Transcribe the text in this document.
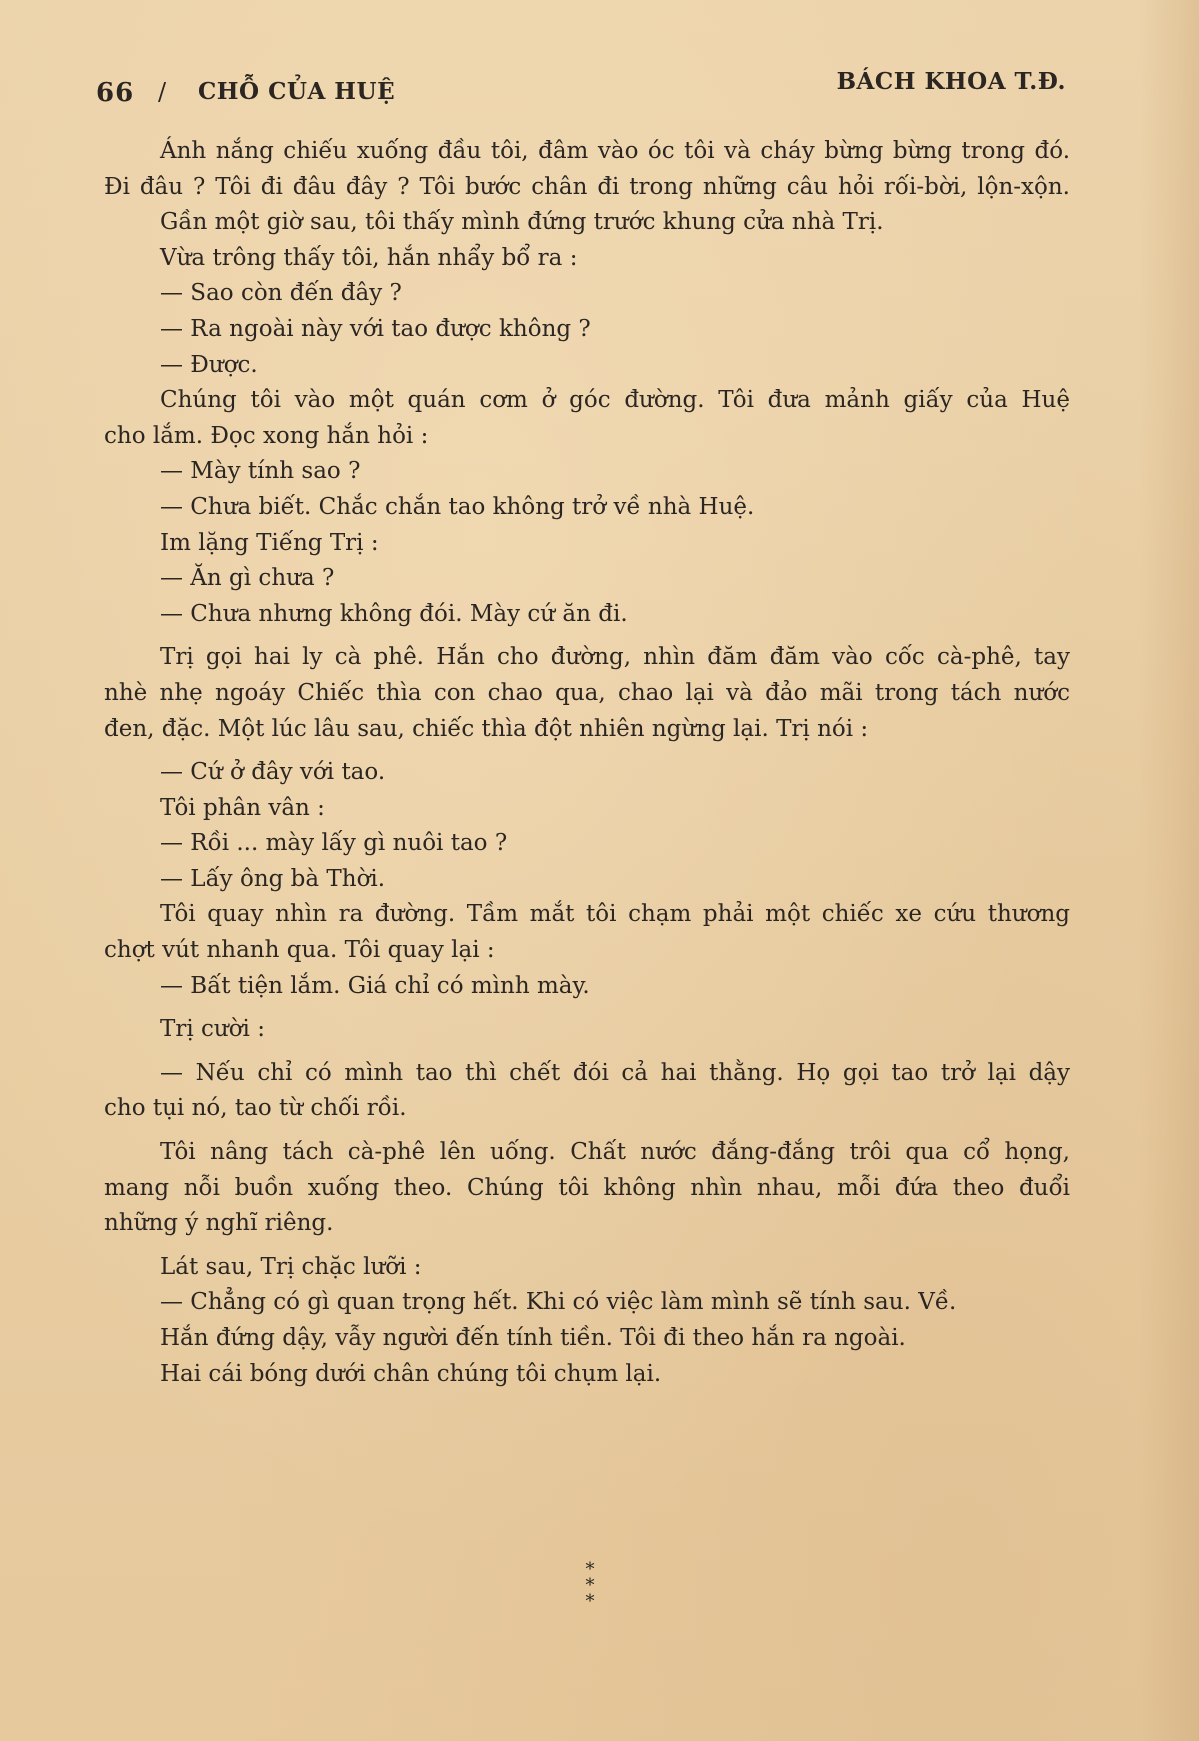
66 / CHỖ CỦA HUỆ	BÁCH KHOA T.Đ.
Ánh nắng chiếu xuống đầu tôi, đâm vào óc tôi và cháy bừng bừng trong đó.
Đi đâu ? Tôi đi đâu đây ? Tôi bước chân đi trong những câu hỏi rối-bời, lộn-xộn.
Gần một giờ sau, tôi thấy mình đứng trước khung cửa nhà Trị.
Vừa trông thấy tôi, hắn nhẩy bổ ra :
— Sao còn đến đây ?
— Ra ngoài này với tao được không ?
— Được.
Chúng tôi vào một quán cơm ở góc đường. Tôi đưa mảnh giấy của Huệ
cho lắm. Đọc xong hắn hỏi :
— Mày tính sao ?
— Chưa biết. Chắc chắn tao không trở về nhà Huệ.
Im lặng Tiếng Trị :
— Ăn gì chưa ?
— Chưa nhưng không đói. Mày cứ ăn đi.
Trị gọi hai ly cà phê. Hắn cho đường, nhìn đăm đăm vào cốc cà-phê, tay
nhè nhẹ ngoáy Chiếc thìa con chao qua, chao lại và đảo mãi trong tách nước
đen, đặc. Một lúc lâu sau, chiếc thìa đột nhiên ngừng lại. Trị nói :
— Cứ ở đây với tao.
Tôi phân vân :
— Rồi ... mày lấy gì nuôi tao ?
— Lấy ông bà Thời.
Tôi quay nhìn ra đường. Tầm mắt tôi chạm phải một chiếc xe cứu thương
chợt vút nhanh qua. Tôi quay lại :
— Bất tiện lắm. Giá chỉ có mình mày.
Trị cười :
— Nếu chỉ có mình tao thì chết đói cả hai thằng. Họ gọi tao trở lại dậy
cho tụi nó, tao từ chối rồi.
Tôi nâng tách cà-phê lên uống. Chất nước đắng-đắng trôi qua cổ họng,
mang nỗi buồn xuống theo. Chúng tôi không nhìn nhau, mỗi đứa theo đuổi
những ý nghĩ riêng.
Lát sau, Trị chặc lưỡi :
— Chẳng có gì quan trọng hết. Khi có việc làm mình sẽ tính sau. Về.
Hắn đứng dậy, vẫy người đến tính tiền. Tôi đi theo hắn ra ngoài.
Hai cái bóng dưới chân chúng tôi chụm lại.
*
* *
